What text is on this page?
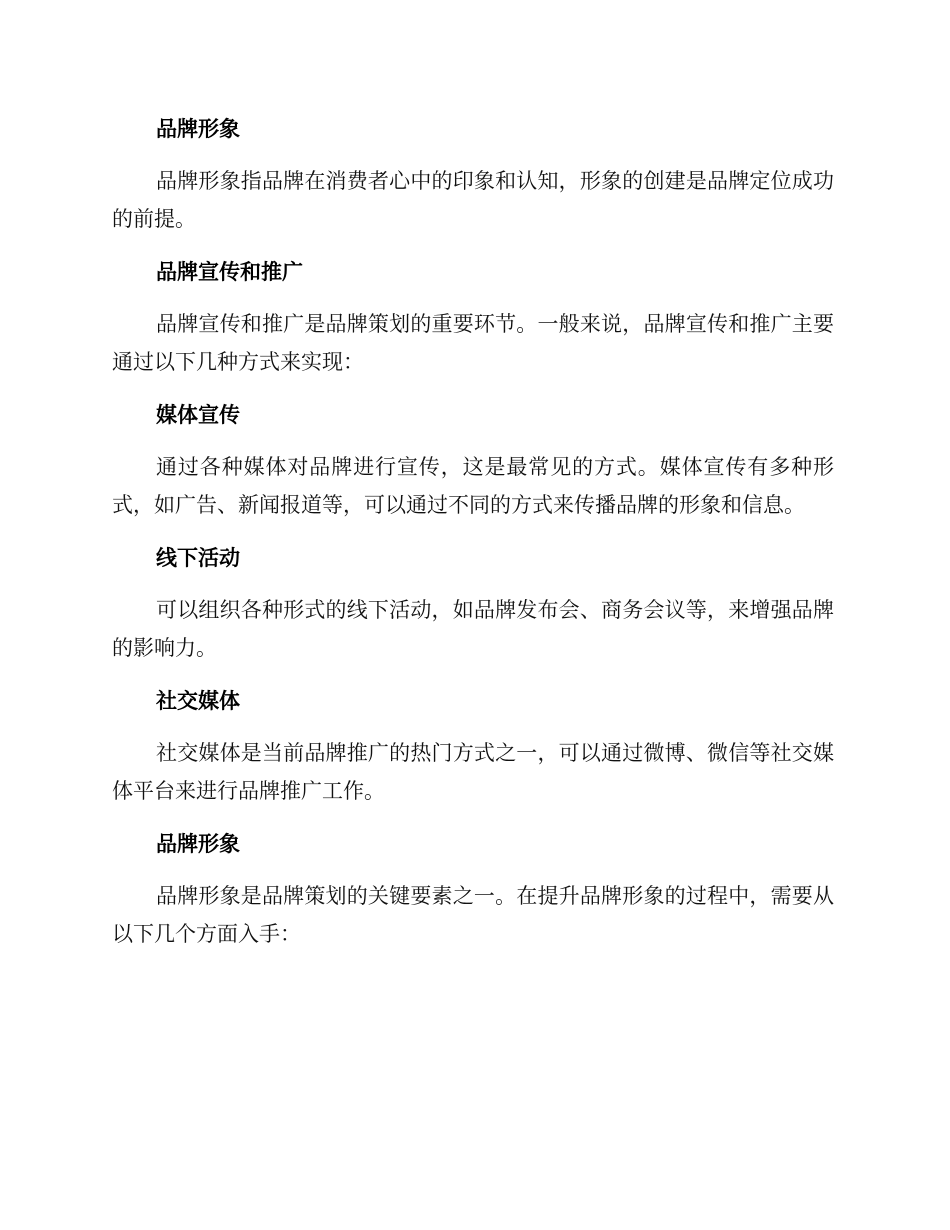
品牌形象

品牌形象指品牌在消费者心中的印象和认知，形象的创建是品牌定位成功的前提。

品牌宣传和推广

品牌宣传和推广是品牌策划的重要环节。一般来说，品牌宣传和推广主要通过以下几种方式来实现：

媒体宣传

通过各种媒体对品牌进行宣传，这是最常见的方式。媒体宣传有多种形式，如广告、新闻报道等，可以通过不同的方式来传播品牌的形象和信息。

线下活动

可以组织各种形式的线下活动，如品牌发布会、商务会议等，来增强品牌的影响力。

社交媒体

社交媒体是当前品牌推广的热门方式之一，可以通过微博、微信等社交媒体平台来进行品牌推广工作。

品牌形象

品牌形象是品牌策划的关键要素之一。在提升品牌形象的过程中，需要从以下几个方面入手：
